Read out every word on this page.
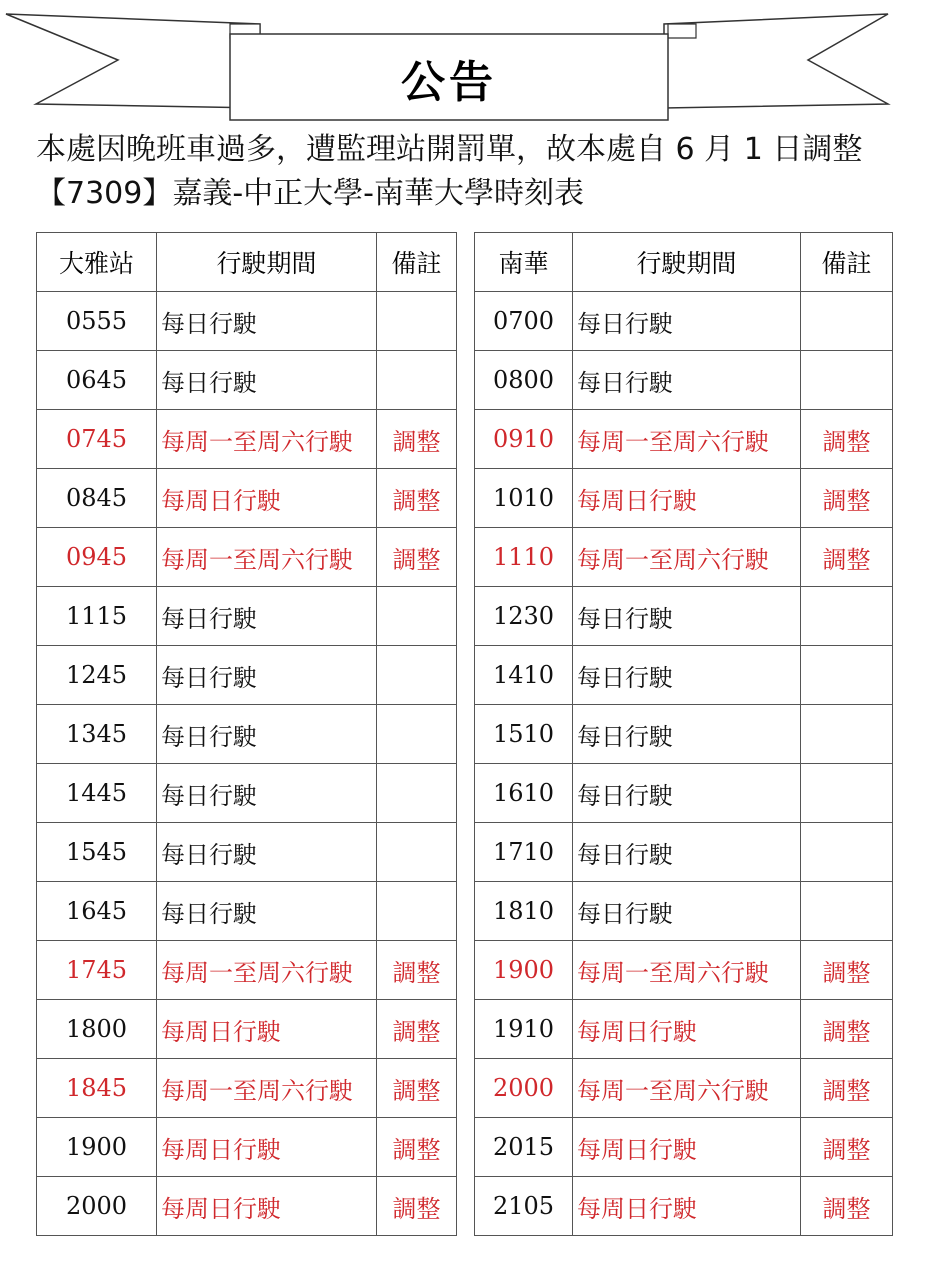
公告

本處因晚班車過多，遭監理站開罰單，故本處自 6 月 1 日調整【7309】嘉義-中正大學-南華大學時刻表

大雅站	行駛期間	備註
0555	每日行駛	
0645	每日行駛	
0745	每周一至周六行駛	調整
0845	每周日行駛	調整
0945	每周一至周六行駛	調整
1115	每日行駛	
1245	每日行駛	
1345	每日行駛	
1445	每日行駛	
1545	每日行駛	
1645	每日行駛	
1745	每周一至周六行駛	調整
1800	每周日行駛	調整
1845	每周一至周六行駛	調整
1900	每周日行駛	調整
2000	每周日行駛	調整
南華	行駛期間	備註
0700	每日行駛	
0800	每日行駛	
0910	每周一至周六行駛	調整
1010	每周日行駛	調整
1110	每周一至周六行駛	調整
1230	每日行駛	
1410	每日行駛	
1510	每日行駛	
1610	每日行駛	
1710	每日行駛	
1810	每日行駛	
1900	每周一至周六行駛	調整
1910	每周日行駛	調整
2000	每周一至周六行駛	調整
2015	每周日行駛	調整
2105	每周日行駛	調整
